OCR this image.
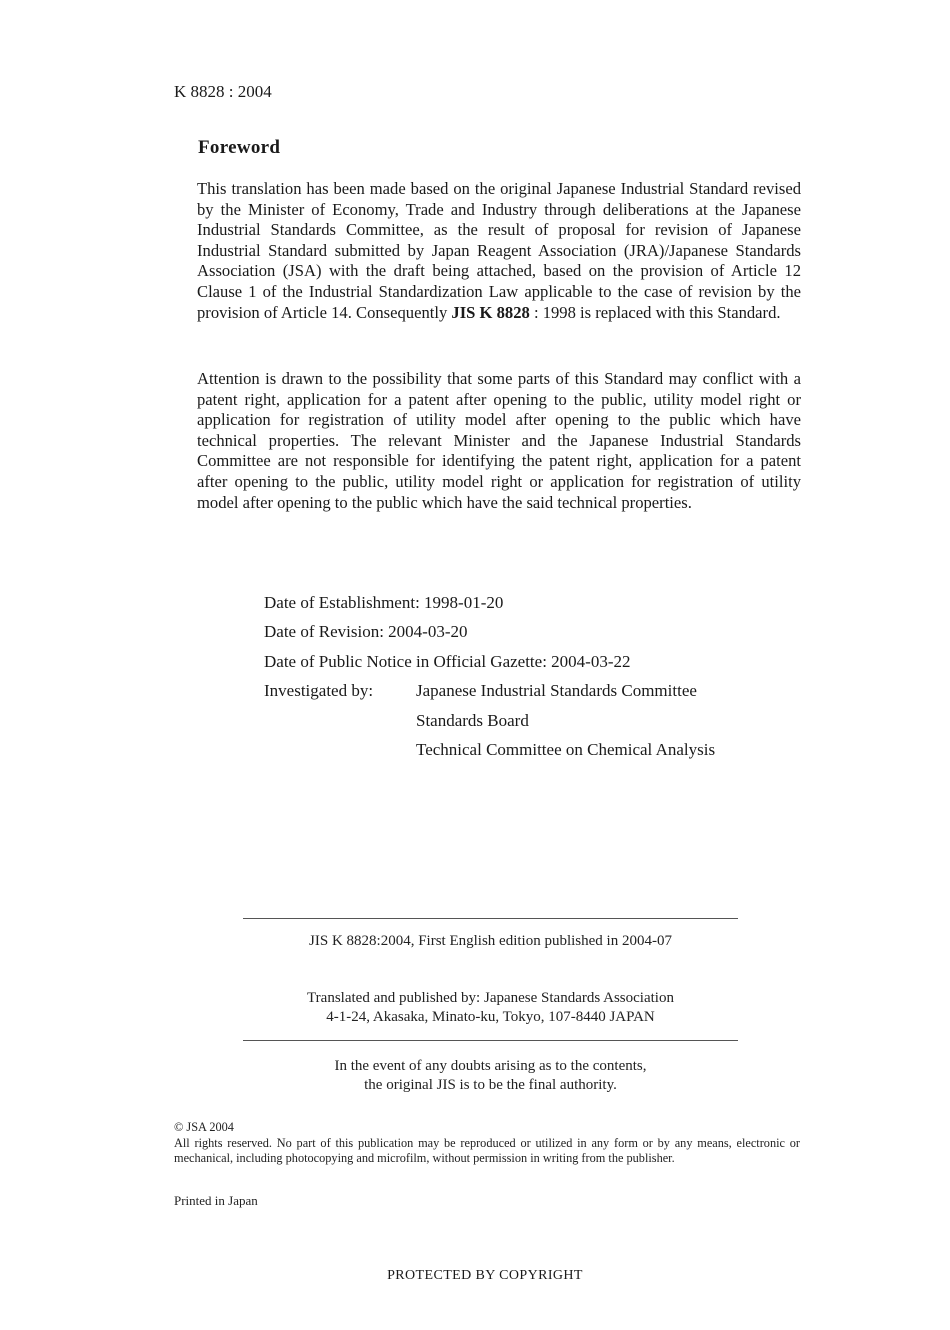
K 8828 : 2004
Foreword

This translation has been made based on the original Japanese Industrial Standard revised by the Minister of Economy, Trade and Industry through deliberations at the Japanese Industrial Standards Committee, as the result of proposal for revision of Japanese Industrial Standard submitted by Japan Reagent Association (JRA)/Japanese Standards Association (JSA) with the draft being attached, based on the provision of Article 12 Clause 1 of the Industrial Standardization Law applicable to the case of revision by the provision of Article 14. Consequently JIS K 8828 : 1998 is replaced with this Standard.

Attention is drawn to the possibility that some parts of this Standard may conflict with a patent right, application for a patent after opening to the public, utility model right or application for registration of utility model after opening to the public which have technical properties. The relevant Minister and the Japanese Industrial Standards Committee are not responsible for identifying the patent right, application for a patent after opening to the public, utility model right or application for registration of utility model after opening to the public which have the said technical properties.

Date of Establishment: 1998-01-20
Date of Revision: 2004-03-20
Date of Public Notice in Official Gazette: 2004-03-22
Investigated by:	Japanese Industrial Standards Committee
Standards Board
Technical Committee on Chemical Analysis
JIS K 8828:2004, First English edition published in 2004-07
Translated and published by: Japanese Standards Association
4-1-24, Akasaka, Minato-ku, Tokyo, 107-8440 JAPAN
In the event of any doubts arising as to the contents,
the original JIS is to be the final authority.
© JSA 2004
All rights reserved. No part of this publication may be reproduced or utilized in any form or by any means, electronic or mechanical, including photocopying and microfilm, without permission in writing from the publisher.
Printed in Japan
PROTECTED BY COPYRIGHT
